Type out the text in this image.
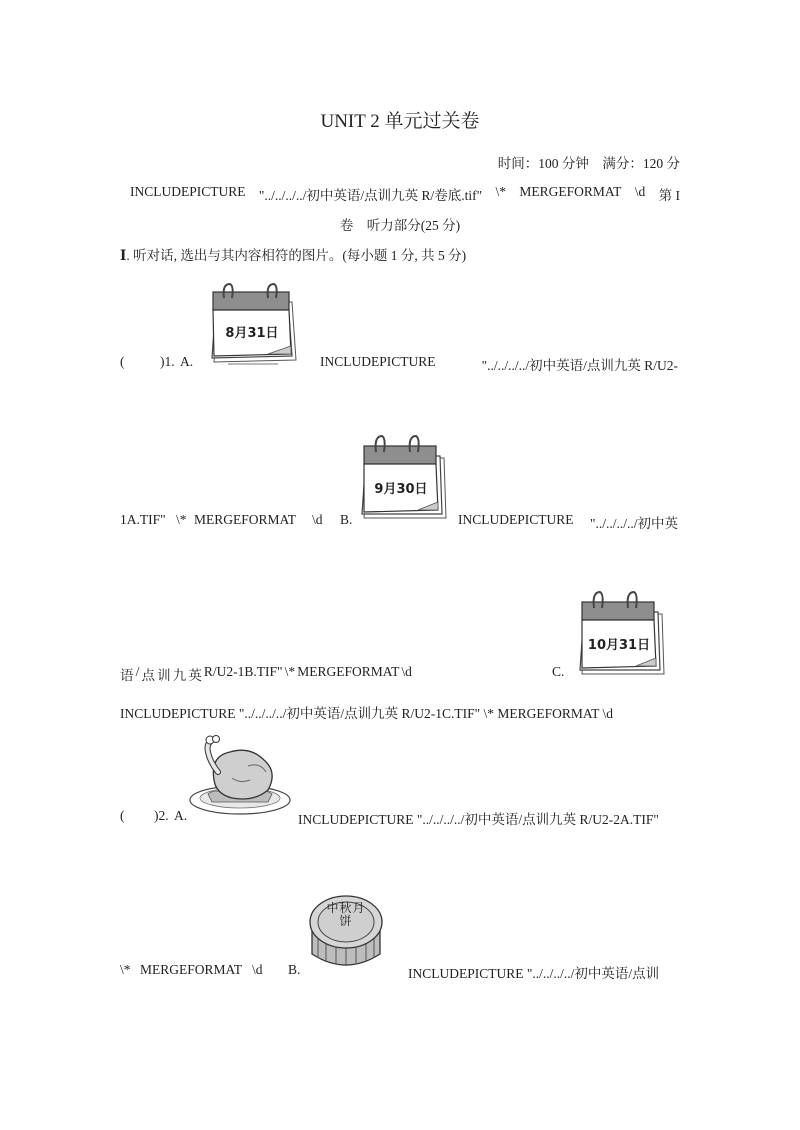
UNIT 2 单元过关卷
时间：100 分钟　满分：120 分
INCLUDEPICTURE "../../../../初中英语/点训九英 R/卷底.tif" \* MERGEFORMAT \d 第 I
卷　听力部分(25 分)
Ⅰ. 听对话, 选出与其内容相符的图片。(每小题 1 分, 共 5 分)
(	)1. A.
8月31日
INCLUDEPICTURE	"../../../../初中英语/点训九英 R/U2-
1A.TIF" \* MERGEFORMAT \d B.
9月30日
INCLUDEPICTURE "../../../../初中英
语 / 点 训 九 英 R/U2-1B.TIF" \* MERGEFORMAT \d	C.
10月31日
INCLUDEPICTURE "../../../../初中英语/点训九英 R/U2-1C.TIF" \* MERGEFORMAT \d
( )2. A.	INCLUDEPICTURE "../../../../初中英语/点训九英 R/U2-2A.TIF"
\* MERGEFORMAT \d B.
中秋月饼
INCLUDEPICTURE "../../../../初中英语/点训
